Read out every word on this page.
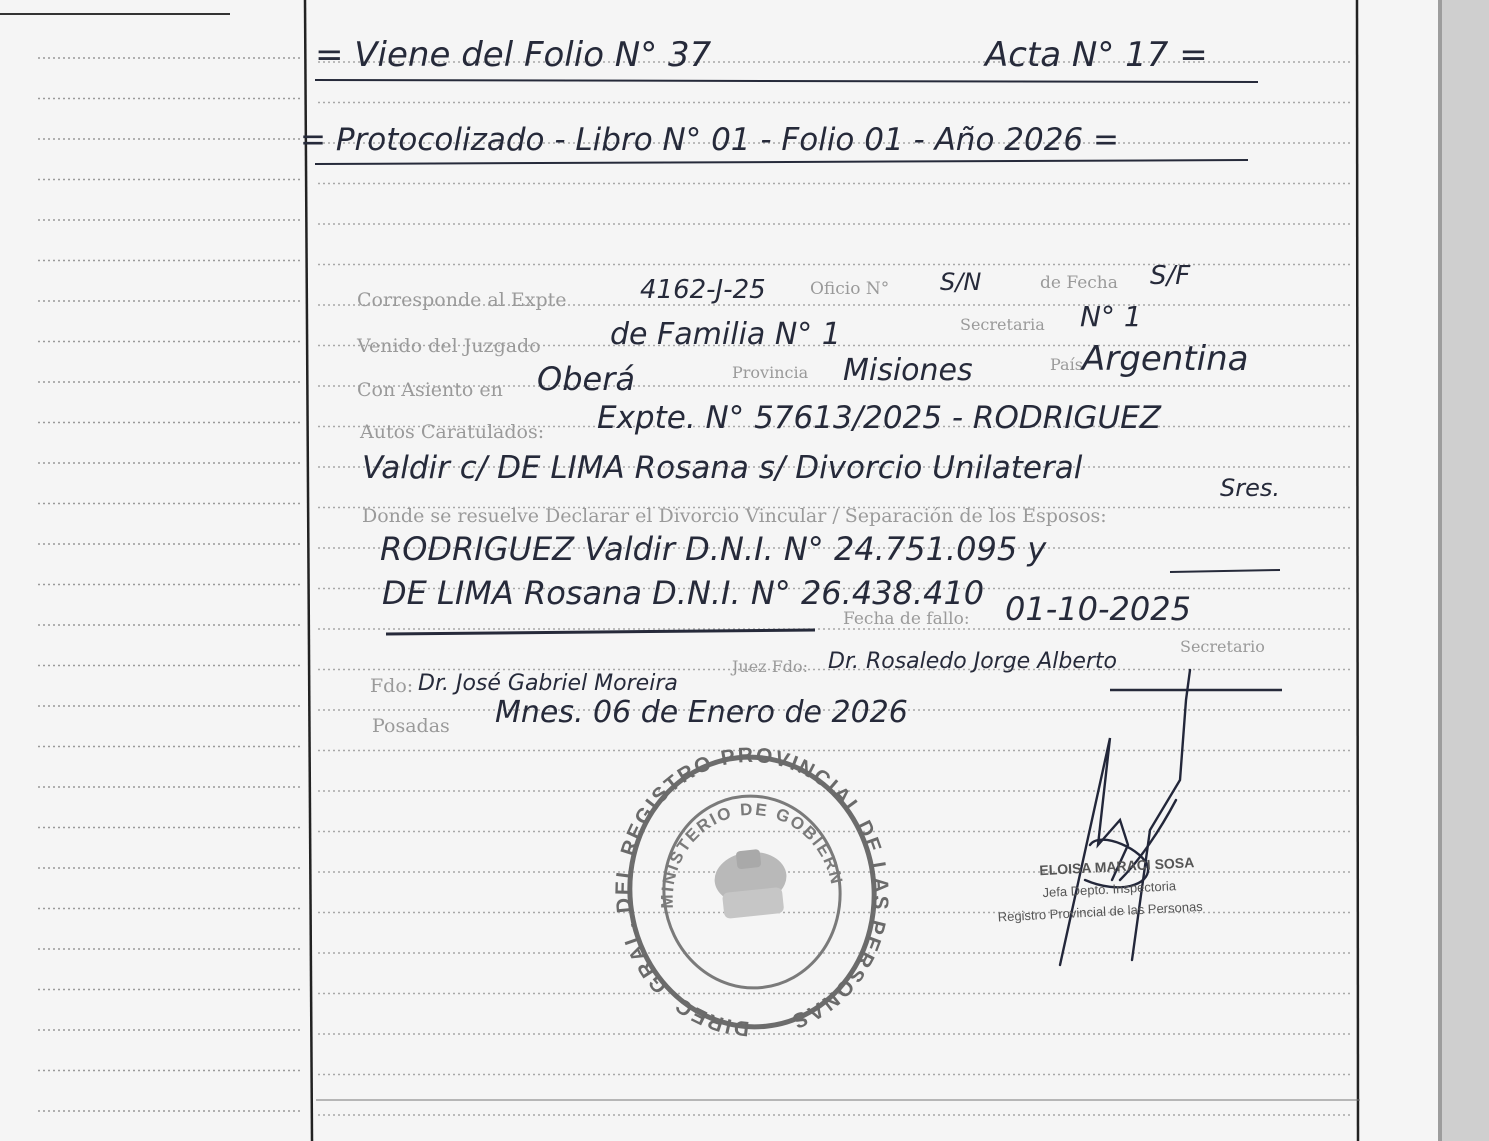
= Viene del Folio N° 37	Acta N° 17 =
= Protocolizado - Libro N° 01 - Folio 01 - Año 2026 =
Corresponde al Expte	4162-J-25	Oficio N° S/N	de Fecha S/F
Venido del Juzgado de Familia N° 1	Secretaria N° 1
Con Asiento en Oberá	Provincia Misiones	País Argentina
Autos Caratulados: Expte. N° 57613/2025 - RODRIGUEZ
Valdir c/ DE LIMA Rosana s/ Divorcio Unilateral
Donde se resuelve Declarar el Divorcio Vincular / Separación de los Esposos:
Sres.
RODRIGUEZ Valdir D.N.I. N° 24.751.095 y
DE LIMA Rosana D.N.I. N° 26.438.410
Fecha de fallo: 01-10-2025
Fdo: Dr. José Gabriel Moreira
Juez Fdo: Dr. Rosaledo Jorge Alberto
Secretario
Posadas Mnes. 06 de Enero de 2026
DIREC. GRAL. DEL REGISTRO PROVINCIAL DE LAS PERSONAS
MINISTERIO DE GOBIERNO
ELOISA MARACI SOSA
Jefa Depto. Inspectoria
Registro Provincial de las Personas
